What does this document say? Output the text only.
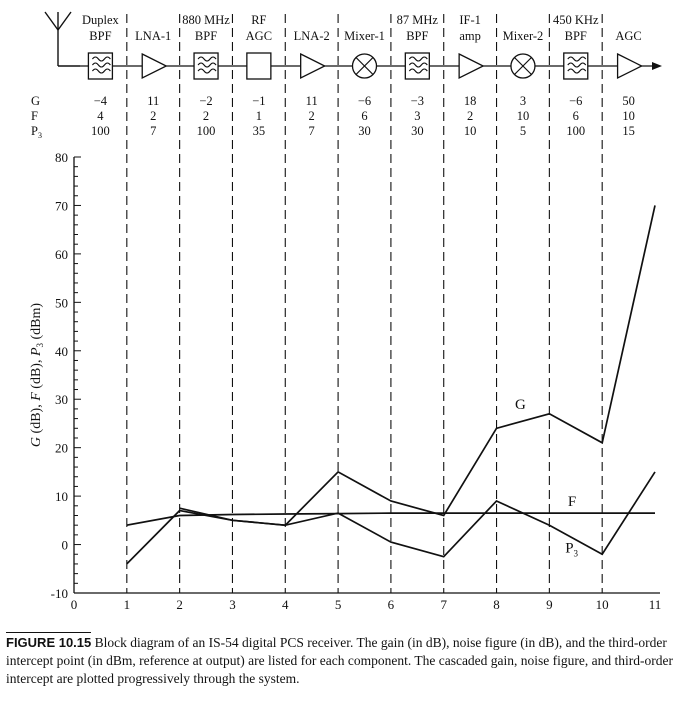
Duplex
BPF LNA-1
880 MHz
BPF
RF
AGC LNA-2 Mixer-1
87 MHz
BPF
IF-1
amp Mixer-2
450 KHz
BPF AGC
G
F
$P_3$
−4	11	−2	−1	11	−6	−3	18	3	−6	50
4	2	2	1	2	6	3	2	10	6	10
100	7	100	35	7	30	30	10	5	100	15
-10
0
10
20
30
40
50
60
70
80
0	1	2	3	4	5	6	7	8	9	10	11
G
F
$P_3$
G (dB), F (dB), $P_3$ (dBm)
FIGURE 10.15 Block diagram of an IS-54 digital PCS receiver. The gain (in dB), noise figure (in dB), and the third-order intercept point (in dBm, reference at output) are listed for each component. The cascaded gain, noise figure, and third-order intercept are plotted progressively through the system.
